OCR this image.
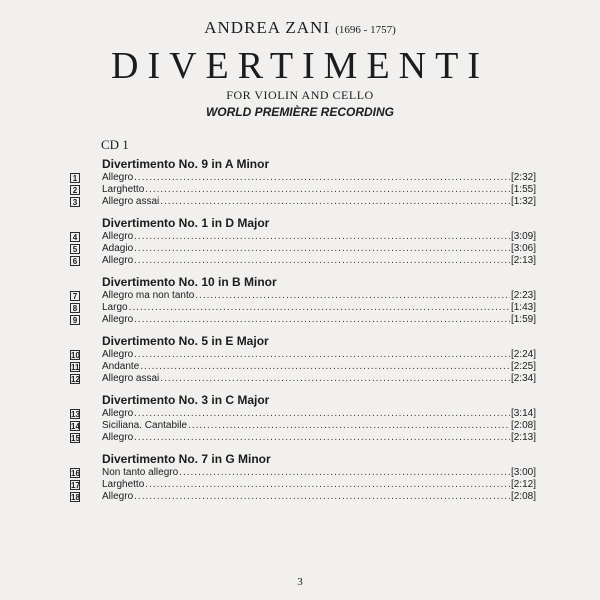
ANDREA ZANI (1696 - 1757)
DIVERTIMENTI
FOR VIOLIN AND CELLO
WORLD PREMIÈRE RECORDING
CD 1
Divertimento No. 9 in A Minor
1 Allegro .....	[2:32]
2 Larghetto .....	[1:55]
3 Allegro assai .....	[1:32]
Divertimento No. 1 in D Major
4 Allegro .....	[3:09]
5 Adagio .....	[3:06]
6 Allegro .....	[2:13]
Divertimento No. 10 in B Minor
7 Allegro ma non tanto .....	[2:23]
8 Largo .....	[1:43]
9 Allegro .....	[1:59]
Divertimento No. 5 in E Major
10 Allegro .....	[2:24]
11 Andante .....	[2:25]
12 Allegro assai .....	[2:34]
Divertimento No. 3 in C Major
13 Allegro .....	[3:14]
14 Siciliana. Cantabile .....	[2:08]
15 Allegro .....	[2:13]
Divertimento No. 7 in G Minor
16 Non tanto allegro .....	[3:00]
17 Larghetto .....	[2:12]
18 Allegro .....	[2:08]
3
